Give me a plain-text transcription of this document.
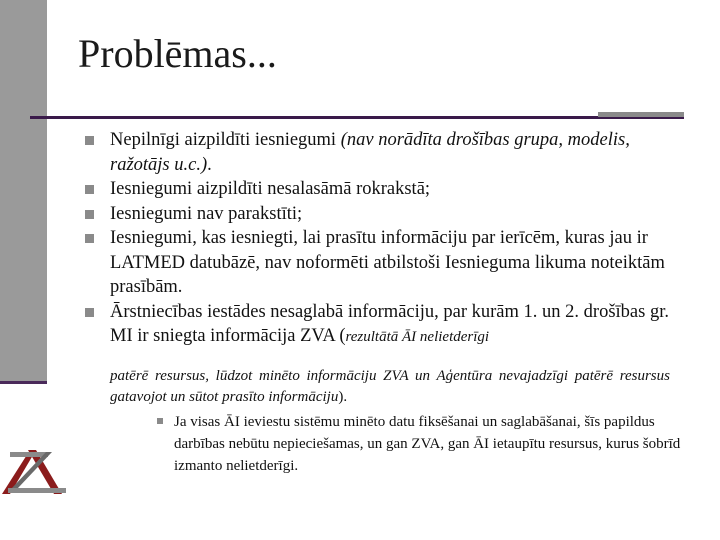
Problēmas...
Nepilnīgi aizpildīti iesniegumi (nav norādīta drošības grupa, modelis, ražotājs u.c.).
Iesniegumi aizpildīti nesalasāmā rokrakstā;
Iesniegumi nav parakstīti;
Iesniegumi, kas iesniegti, lai prasītu informāciju par ierīcēm, kuras jau ir LATMED datubāzē, nav noformēti atbilstoši Iesnieguma likuma noteiktām prasībām.
Ārstniecības iestādes nesaglabā informāciju, par kurām 1. un 2. drošības gr. MI ir sniegta informācija ZVA (rezultātā ĀI nelietderīgi
patērē resursus, lūdzot minēto informāciju ZVA un Aģentūra nevajadzīgi patērē resursus gatavojot un sūtot prasīto informāciju).
Ja visas ĀI ieviestu sistēmu minēto datu fiksēšanai un saglabāšanai, šīs papildus darbības nebūtu nepieciešamas, un gan ZVA, gan ĀI ietaupītu resursus, kurus šobrīd izmanto nelietderīgi.
